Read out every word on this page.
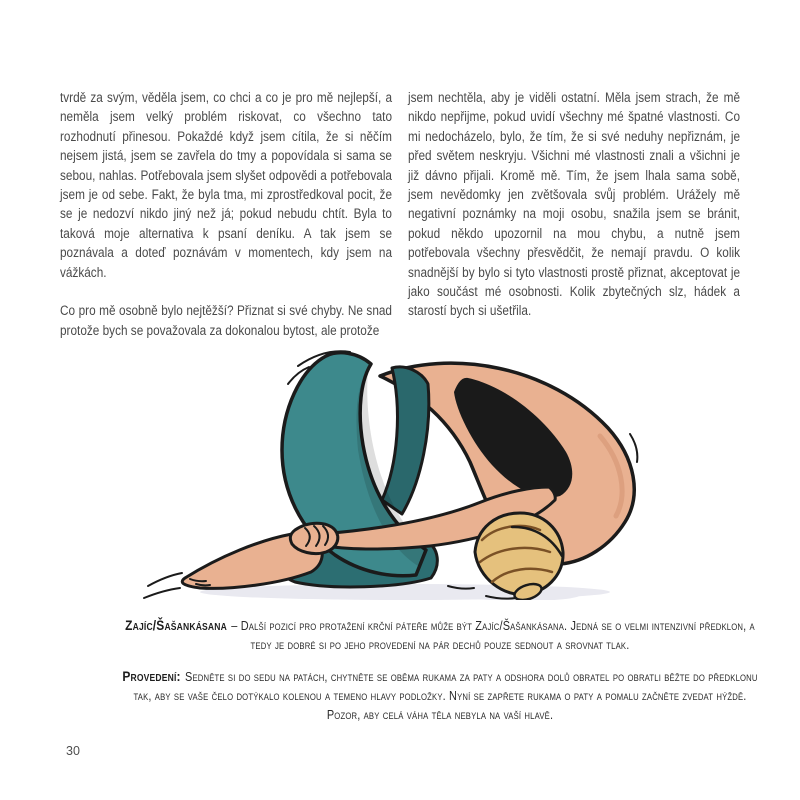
tvrdě za svým, věděla jsem, co chci a co je pro mě nejlepší, a neměla jsem velký problém riskovat, co všechno tato rozhodnutí přinesou. Pokaždé když jsem cítila, že si něčím nejsem jistá, jsem se zavřela do tmy a popovídala si sama se sebou, nahlas. Potřebovala jsem slyšet odpovědi a potřebovala jsem je od sebe. Fakt, že byla tma, mi zprostředkoval pocit, že se je nedozví nikdo jiný než já; pokud nebudu chtít. Byla to taková moje alternativa k psaní deníku. A tak jsem se poznávala a doteď poznávám v momentech, kdy jsem na vážkách.

Co pro mě osobně bylo nejtěžší? Přiznat si své chyby. Ne snad protože bych se považovala za dokonalou bytost, ale protože

jsem nechtěla, aby je viděli ostatní. Měla jsem strach, že mě nikdo nepřijme, pokud uvidí všechny mé špatné vlastnosti. Co mi nedocházelo, bylo, že tím, že si své neduhy nepřiznám, je před světem neskryju. Všichni mé vlastnosti znali a všichni je již dávno přijali. Kromě mě. Tím, že jsem lhala sama sobě, jsem nevědomky jen zvětšovala svůj problém. Urážely mě negativní poznámky na moji osobu, snažila jsem se bránit, pokud někdo upozornil na mou chybu, a nutně jsem potřebovala všechny přesvědčit, že nemají pravdu. O kolik snadnější by bylo si tyto vlastnosti prostě přiznat, akceptovat je jako součást mé osobnosti. Kolik zbytečných slz, hádek a starostí bych si ušetřila.

Zajíc/Šašankásana – Další pozicí pro protažení krční páteře může být Zajíc/Šašankásana. Jedná se o velmi intenzivní předklon, a tedy je dobré si po jeho provedení na pár dechů pouze sednout a srovnat tlak.

Provedení: Sedněte si do sedu na patách, chytněte se oběma rukama za paty a odshora dolů obratel po obratli běžte do předklonu tak, aby se vaše čelo dotýkalo kolenou a temeno hlavy podložky. Nyní se zapřete rukama o paty a pomalu začněte zvedat hýždě. Pozor, aby celá váha těla nebyla na vaší hlavě.

30
